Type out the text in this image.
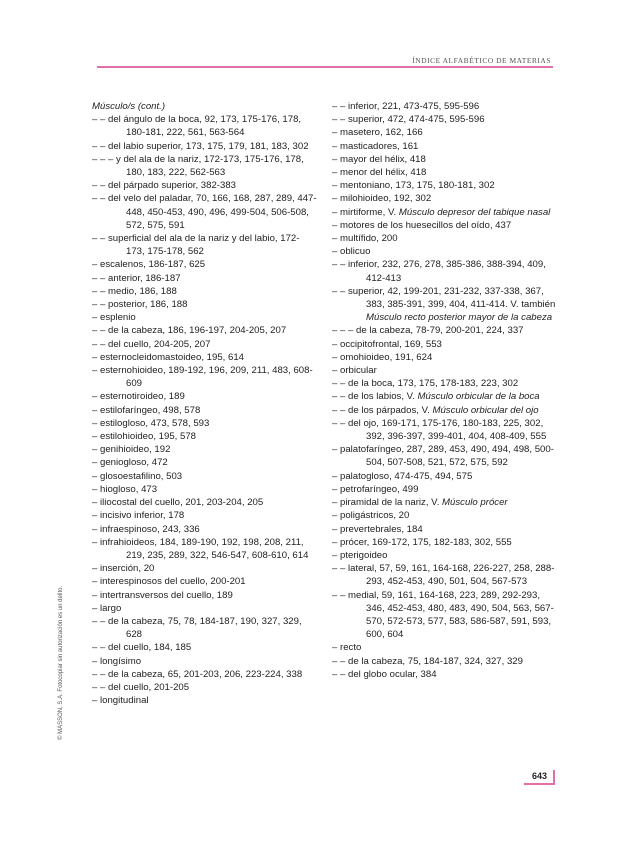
ÍNDICE ALFABÉTICO DE MATERIAS

Músculo/s (cont.)

– – del ángulo de la boca, 92, 173, 175-176, 178, 180-181, 222, 561, 563-564

– – del labio superior, 173, 175, 179, 181, 183, 302

– – – y del ala de la nariz, 172-173, 175-176, 178, 180, 183, 222, 562-563

– – del párpado superior, 382-383

– – del velo del paladar, 70, 166, 168, 287, 289, 447-448, 450-453, 490, 496, 499-504, 506-508, 572, 575, 591

– – superficial del ala de la nariz y del labio, 172-173, 175-178, 562

– escalenos, 186-187, 625

– – anterior, 186-187

– – medio, 186, 188

– – posterior, 186, 188

– esplenio

– – de la cabeza, 186, 196-197, 204-205, 207

– – del cuello, 204-205, 207

– esternocleidomastoideo, 195, 614

– esternohioideo, 189-192, 196, 209, 211, 483, 608-609

– esternotiroideo, 189

– estilofaríngeo, 498, 578

– estilogloso, 473, 578, 593

– estilohioideo, 195, 578

– genihioideo, 192

– geniogloso, 472

– glosoestafilino, 503

– hiogloso, 473

– iliocostal del cuello, 201, 203-204, 205

– incisivo inferior, 178

– infraespinoso, 243, 336

– infrahioideos, 184, 189-190, 192, 198, 208, 211, 219, 235, 289, 322, 546-547, 608-610, 614

– inserción, 20

– interespinosos del cuello, 200-201

– intertransversos del cuello, 189

– largo

– – de la cabeza, 75, 78, 184-187, 190, 327, 329, 628

– – del cuello, 184, 185

– longísimo

– – de la cabeza, 65, 201-203, 206, 223-224, 338

– – del cuello, 201-205

– longitudinal

– – inferior, 221, 473-475, 595-596

– – superior, 472, 474-475, 595-596

– masetero, 162, 166

– masticadores, 161

– mayor del hélix, 418

– menor del hélix, 418

– mentoniano, 173, 175, 180-181, 302

– milohioideo, 192, 302

– mirtiforme, V. Músculo depresor del tabique nasal

– motores de los huesecillos del oído, 437

– multífido, 200

– oblicuo

– – inferior, 232, 276, 278, 385-386, 388-394, 409, 412-413

– – superior, 42, 199-201, 231-232, 337-338, 367, 383, 385-391, 399, 404, 411-414. V. también Músculo recto posterior mayor de la cabeza

– – – de la cabeza, 78-79, 200-201, 224, 337

– occipitofrontal, 169, 553

– omohioideo, 191, 624

– orbicular

– – de la boca, 173, 175, 178-183, 223, 302

– – de los labios, V. Músculo orbicular de la boca

– – de los párpados, V. Músculo orbicular del ojo

– – del ojo, 169-171, 175-176, 180-183, 225, 302, 392, 396-397, 399-401, 404, 408-409, 555

– palatofaríngeo, 287, 289, 453, 490, 494, 498, 500-504, 507-508, 521, 572, 575, 592

– palatogloso, 474-475, 494, 575

– petrofaríngeo, 499

– piramidal de la nariz, V. Músculo prócer

– poligástricos, 20

– prevertebrales, 184

– prócer, 169-172, 175, 182-183, 302, 555

– pterigoideo

– – lateral, 57, 59, 161, 164-168, 226-227, 258, 288-293, 452-453, 490, 501, 504, 567-573

– – medial, 59, 161, 164-168, 223, 289, 292-293, 346, 452-453, 480, 483, 490, 504, 563, 567-570, 572-573, 577, 583, 586-587, 591, 593, 600, 604

– recto

– – de la cabeza, 75, 184-187, 324, 327, 329

– – del globo ocular, 384

© MASSON, S.A. Fotocopiar sin autorización es un delito.
643
